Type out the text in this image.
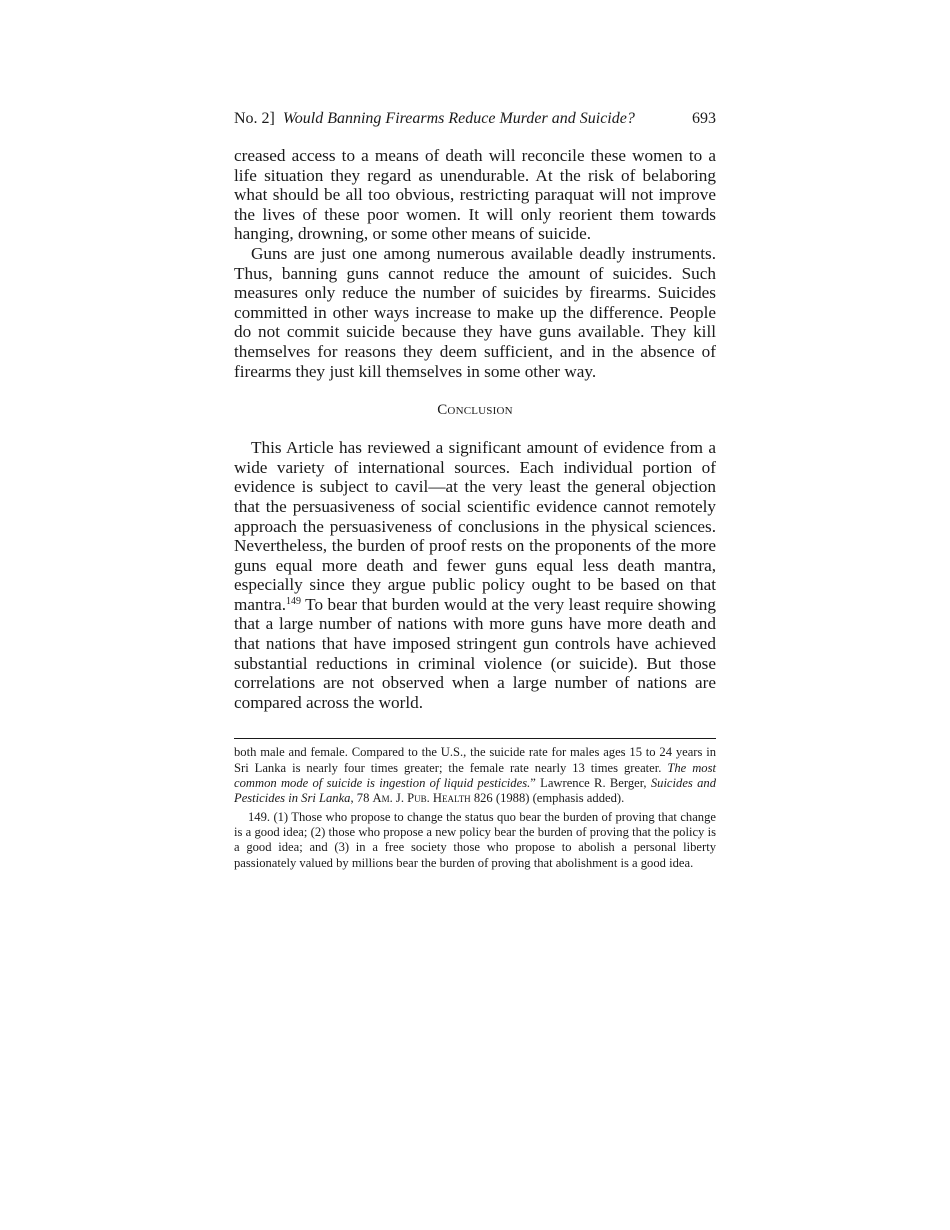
No. 2] Would Banning Firearms Reduce Murder and Suicide?	693

creased access to a means of death will reconcile these women to a life situation they regard as unendurable. At the risk of belaboring what should be all too obvious, restricting paraquat will not improve the lives of these poor women. It will only reorient them towards hanging, drowning, or some other means of suicide.

Guns are just one among numerous available deadly instruments. Thus, banning guns cannot reduce the amount of suicides. Such measures only reduce the number of suicides by firearms. Suicides committed in other ways increase to make up the difference. People do not commit suicide because they have guns available. They kill themselves for reasons they deem sufficient, and in the absence of firearms they just kill themselves in some other way.

Conclusion

This Article has reviewed a significant amount of evidence from a wide variety of international sources. Each individual portion of evidence is subject to cavil—at the very least the general objection that the persuasiveness of social scientific evidence cannot remotely approach the persuasiveness of conclusions in the physical sciences. Nevertheless, the burden of proof rests on the proponents of the more guns equal more death and fewer guns equal less death mantra, especially since they argue public policy ought to be based on that mantra.$^{149}$ To bear that burden would at the very least require showing that a large number of nations with more guns have more death and that nations that have imposed stringent gun controls have achieved substantial reductions in criminal violence (or suicide). But those correlations are not observed when a large number of nations are compared across the world.

both male and female. Compared to the U.S., the suicide rate for males ages 15 to 24 years in Sri Lanka is nearly four times greater; the female rate nearly 13 times greater. The most common mode of suicide is ingestion of liquid pesticides.” Lawrence R. Berger, Suicides and Pesticides in Sri Lanka, 78 Am. J. Pub. Health 826 (1988) (emphasis added).

149. (1) Those who propose to change the status quo bear the burden of proving that change is a good idea; (2) those who propose a new policy bear the burden of proving that the policy is a good idea; and (3) in a free society those who propose to abolish a personal liberty passionately valued by millions bear the burden of proving that abolishment is a good idea.
